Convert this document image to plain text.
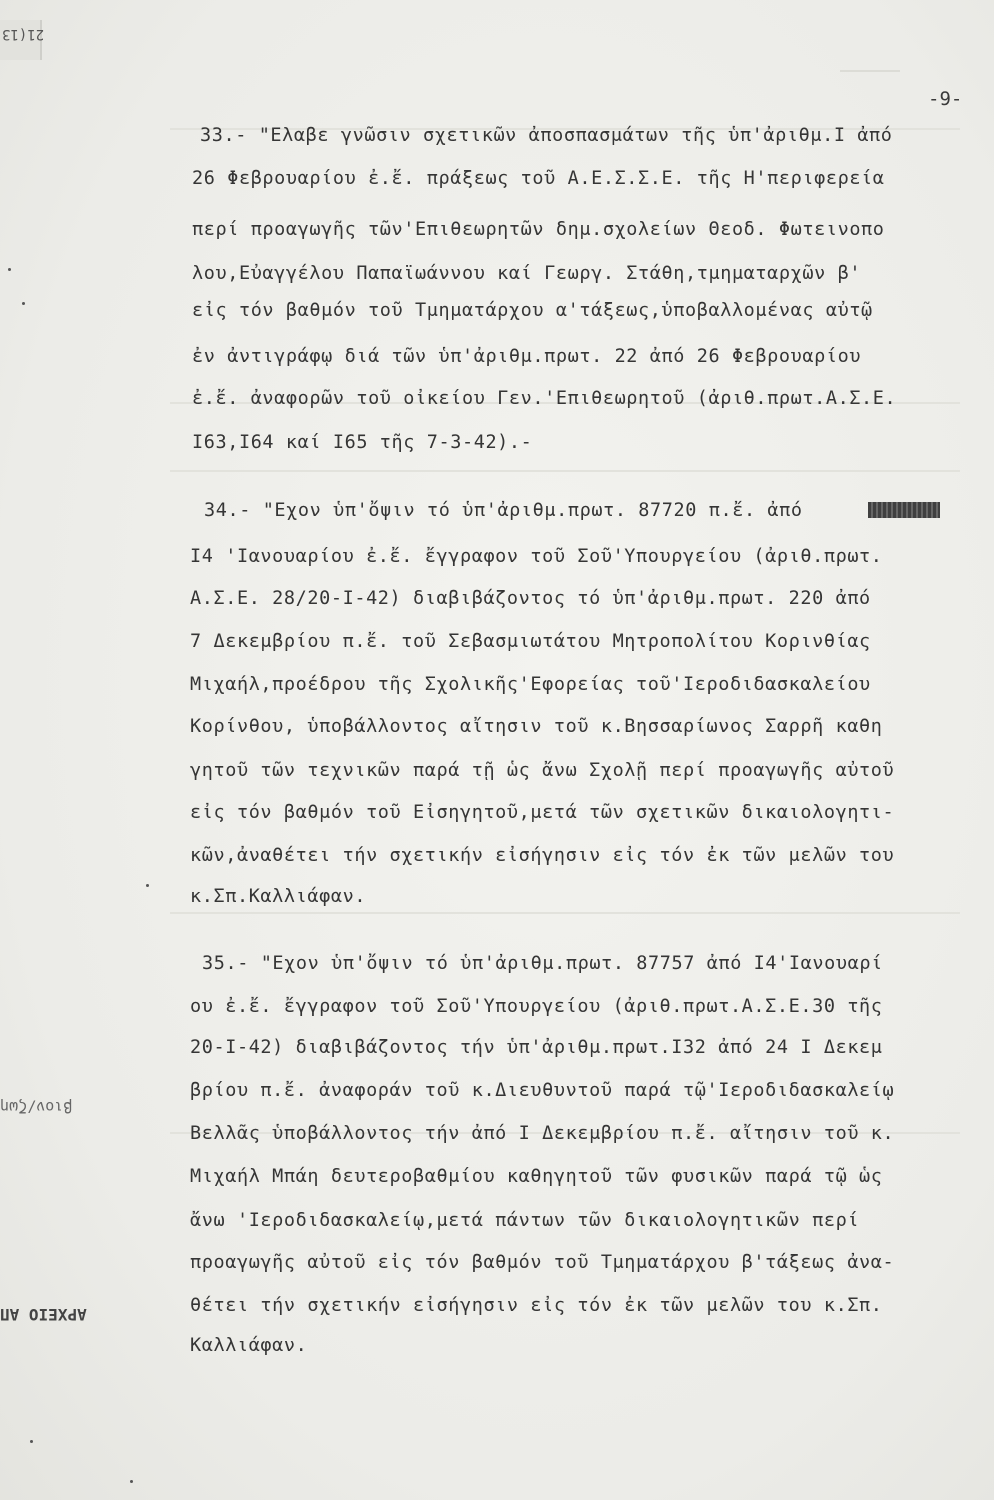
21(13
βιον/ζωη
ΑΡΧΕΙΟ ΑΠ
-9-
33.- "Ελαβε γνῶσιν σχετικῶν ἀποσπασμάτων τῆς ὑπ'ἀριθμ.Ι ἀπό
26 Φεβρουαρίου ἐ.ἔ. πράξεως τοῦ Α.Ε.Σ.Σ.Ε. τῆς Η'περιφερεία
περί προαγωγῆς τῶν'Επιθεωρητῶν δημ.σχολείων Θεοδ. Φωτεινοπο
λου,Εὐαγγέλου Παπαϊωάννου καί Γεωργ. Στάθη,τμηματαρχῶν β'
εἰς τόν βαθμόν τοῦ Τμηματάρχου α'τάξεως,ὑποβαλλομένας αὐτῷ
ἐν ἀντιγράφῳ διά τῶν ὑπ'ἀριθμ.πρωτ. 22 ἀπό 26 Φεβρουαρίου
ἐ.ἔ. ἀναφορῶν τοῦ οἰκείου Γεν.'Επιθεωρητοῦ (ἀριθ.πρωτ.Α.Σ.Ε.
Ι63,Ι64 καί Ι65 τῆς 7-3-42).-
34.- "Εχον ὑπ'ὄψιν τό ὑπ'ἀριθμ.πρωτ. 87720 π.ἔ. ἀπό
Ι4 'Ιανουαρίου ἐ.ἔ. ἔγγραφον τοῦ Σοῦ'Υπουργείου (ἀριθ.πρωτ.
Α.Σ.Ε. 28/20-Ι-42) διαβιβάζοντος τό ὑπ'ἀριθμ.πρωτ. 220 ἀπό
7 Δεκεμβρίου π.ἔ. τοῦ Σεβασμιωτάτου Μητροπολίτου Κορινθίας
Μιχαήλ,προέδρου τῆς Σχολικῆς'Εφορείας τοῦ'Ιεροδιδασκαλείου
Κορίνθου, ὑποβάλλοντος αἴτησιν τοῦ κ.Βησσαρίωνος Σαρρῆ καθη
γητοῦ τῶν τεχνικῶν παρά τῇ ὡς ἄνω Σχολῇ περί προαγωγῆς αὐτοῦ
εἰς τόν βαθμόν τοῦ Εἰσηγητοῦ,μετά τῶν σχετικῶν δικαιολογητι-
κῶν,ἀναθέτει τήν σχετικήν εἰσήγησιν εἰς τόν ἐκ τῶν μελῶν του
κ.Σπ.Καλλιάφαν.
35.- "Εχον ὑπ'ὄψιν τό ὑπ'ἀριθμ.πρωτ. 87757 ἀπό Ι4'Ιανουαρί
ου ἐ.ἔ. ἔγγραφον τοῦ Σοῦ'Υπουργείου (ἀριθ.πρωτ.Α.Σ.Ε.30 τῆς
20-Ι-42) διαβιβάζοντος τήν ὑπ'ἀριθμ.πρωτ.Ι32 ἀπό 24 Ι Δεκεμ
βρίου π.ἔ. ἀναφοράν τοῦ κ.Διευθυντοῦ παρά τῷ'Ιεροδιδασκαλείῳ
Βελλᾶς ὑποβάλλοντος τήν ἀπό Ι Δεκεμβρίου π.ἔ. αἴτησιν τοῦ κ.
Μιχαήλ Μπάη δευτεροβαθμίου καθηγητοῦ τῶν φυσικῶν παρά τῷ ὡς
ἄνω 'Ιεροδιδασκαλείῳ,μετά πάντων τῶν δικαιολογητικῶν περί
προαγωγῆς αὐτοῦ εἰς τόν βαθμόν τοῦ Τμηματάρχου β'τάξεως ἀνα-
θέτει τήν σχετικήν εἰσήγησιν εἰς τόν ἐκ τῶν μελῶν του κ.Σπ.
Καλλιάφαν.
